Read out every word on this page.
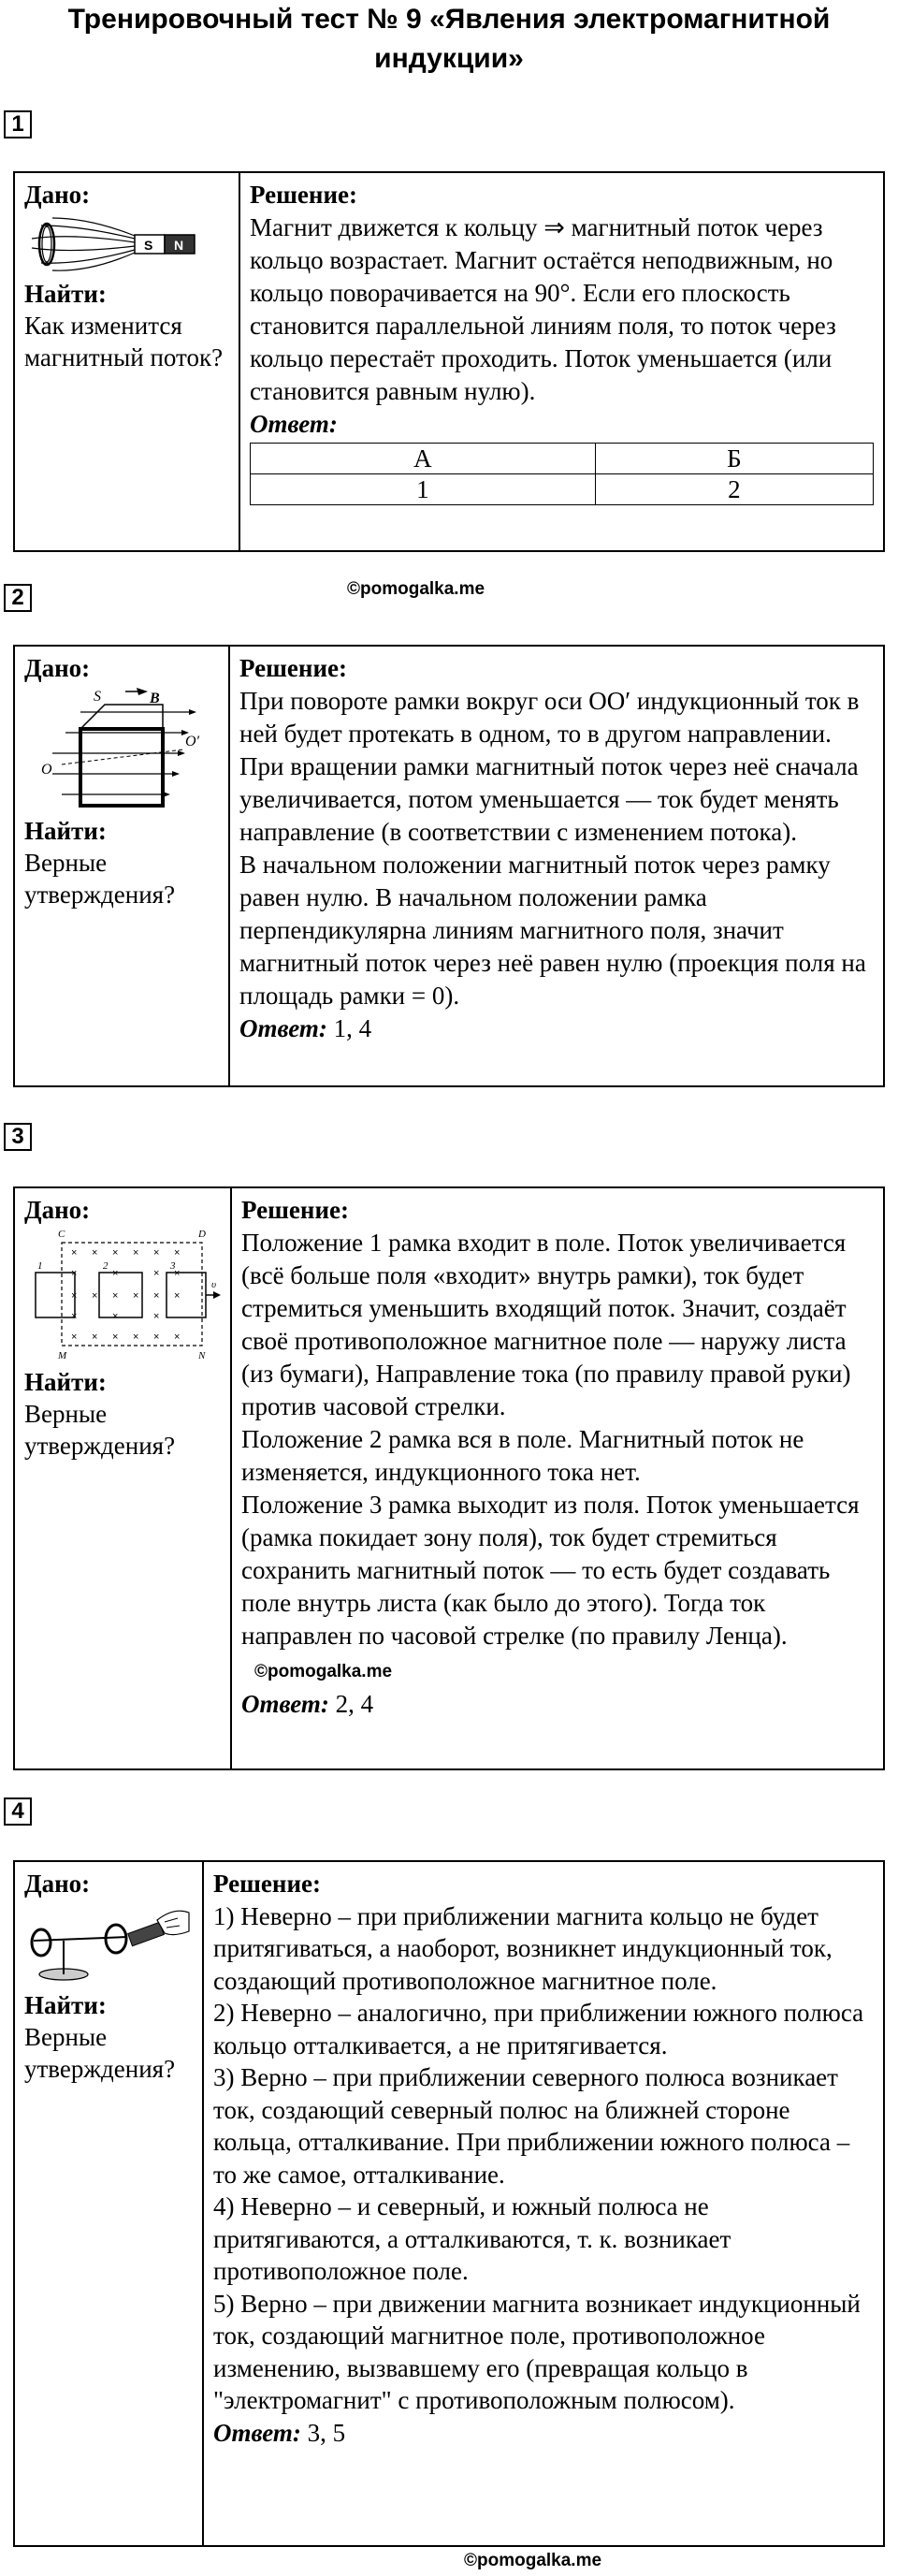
Тренировочный тест № 9 «Явления электромагнитной
индукции»
1
Дано:
S N
Найти:
Как изменится магнитный поток?

Решение:
Магнит движется к кольцу ⇒ магнитный поток через кольцо возрастает. Магнит остаётся неподвижным, но кольцо поворачивается на 90°. Если его плоскость становится параллельной линиям поля, то поток через кольцо перестаёт проходить. Поток уменьшается (или становится равным нулю).
Ответ:
А	Б
1	2
©pomogalka.me
2
Дано:
S	B
O
O′
Найти:
Верные утверждения?

Решение:
При повороте рамки вокруг оси OO′ индукционный ток в ней будет протекать в одном, то в другом направлении. При вращении рамки магнитный поток через неё сначала увеличивается, потом уменьшается — ток будет менять направление (в соответствии с изменением потока).
В начальном положении магнитный поток через рамку равен нулю. В начальном положении рамка перпендикулярна линиям магнитного поля, значит магнитный поток через неё равен нулю (проекция поля на площадь рамки = 0).
Ответ: 1, 4
3
Дано:
× × × × × ×
×	×	× ×
× × × × × ×
×	×	×
× × × × × ×
C	D
M	N
1	2	3
υ
Найти:
Верные утверждения?

Решение:
Положение 1 рамка входит в поле. Поток увеличивается (всё больше поля «входит» внутрь рамки), ток будет стремиться уменьшить входящий поток. Значит, создаёт своё противоположное магнитное поле — наружу листа (из бумаги), Направление тока (по правилу правой руки) против часовой стрелки.
Положение 2 рамка вся в поле. Магнитный поток не изменяется, индукционного тока нет.
Положение 3 рамка выходит из поля. Поток уменьшается (рамка покидает зону поля), ток будет стремиться сохранить магнитный поток — то есть будет создавать поле внутрь листа (как было до этого). Тогда ток направлен по часовой стрелке (по правилу Ленца). ©pomogalka.me
Ответ: 2, 4
4
Дано:
Найти:
Верные утверждения?

Решение:
1) Неверно – при приближении магнита кольцо не будет притягиваться, а наоборот, возникнет индукционный ток, создающий противоположное магнитное поле.
2) Неверно – аналогично, при приближении южного полюса кольцо отталкивается, а не притягивается.
3) Верно – при приближении северного полюса возникает ток, создающий северный полюс на ближней стороне кольца, отталкивание. При приближении южного полюса – то же самое, отталкивание.
4) Неверно – и северный, и южный полюса не притягиваются, а отталкиваются, т. к. возникает противоположное поле.
5) Верно – при движении магнита возникает индукционный ток, создающий магнитное поле, противоположное изменению, вызвавшему его (превращая кольцо в "электромагнит" с противоположным полюсом).
Ответ: 3, 5
©pomogalka.me
